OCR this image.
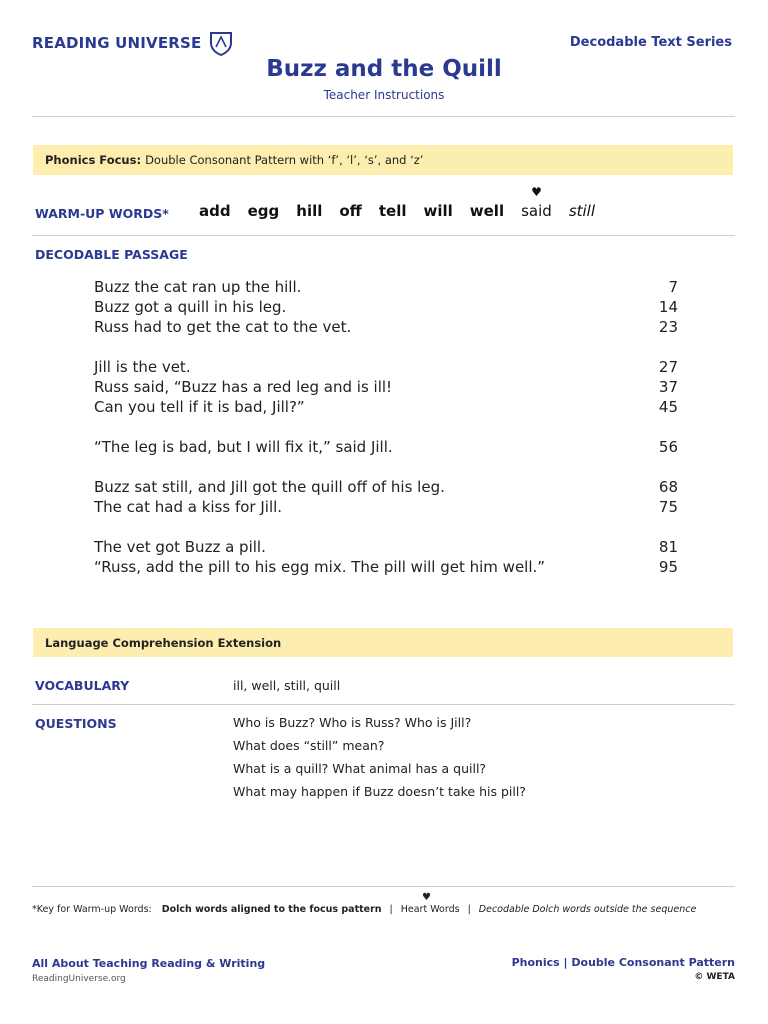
READING UNIVERSE	Decodable Text Series
Buzz and the Quill
Teacher Instructions
Phonics Focus: Double Consonant Pattern with ‘f’, ‘l’, ‘s’, and ‘z’
WARM-UP WORDS* add egg hill off tell will well
♥
said still
DECODABLE PASSAGE
Buzz the cat ran up the hill.	7
Buzz got a quill in his leg.	14
Russ had to get the cat to the vet.	23
Jill is the vet.	27
Russ said, “Buzz has a red leg and is ill!	37
Can you tell if it is bad, Jill?”	45
“The leg is bad, but I will fix it,” said Jill.	56
Buzz sat still, and Jill got the quill off of his leg.	68
The cat had a kiss for Jill.	75
The vet got Buzz a pill.	81
“Russ, add the pill to his egg mix. The pill will get him well.”	95
Language Comprehension Extension
VOCABULARY	ill, well, still, quill
QUESTIONS	Who is Buzz? Who is Russ? Who is Jill?
What does “still” mean?
What is a quill? What animal has a quill?
What may happen if Buzz doesn’t take his pill?
♥
*Key for Warm-up Words: Dolch words aligned to the focus pattern | Heart Words | Decodable Dolch words outside the sequence
All About Teaching Reading & Writing
ReadingUniverse.org
Phonics | Double Consonant Pattern
© WETA
